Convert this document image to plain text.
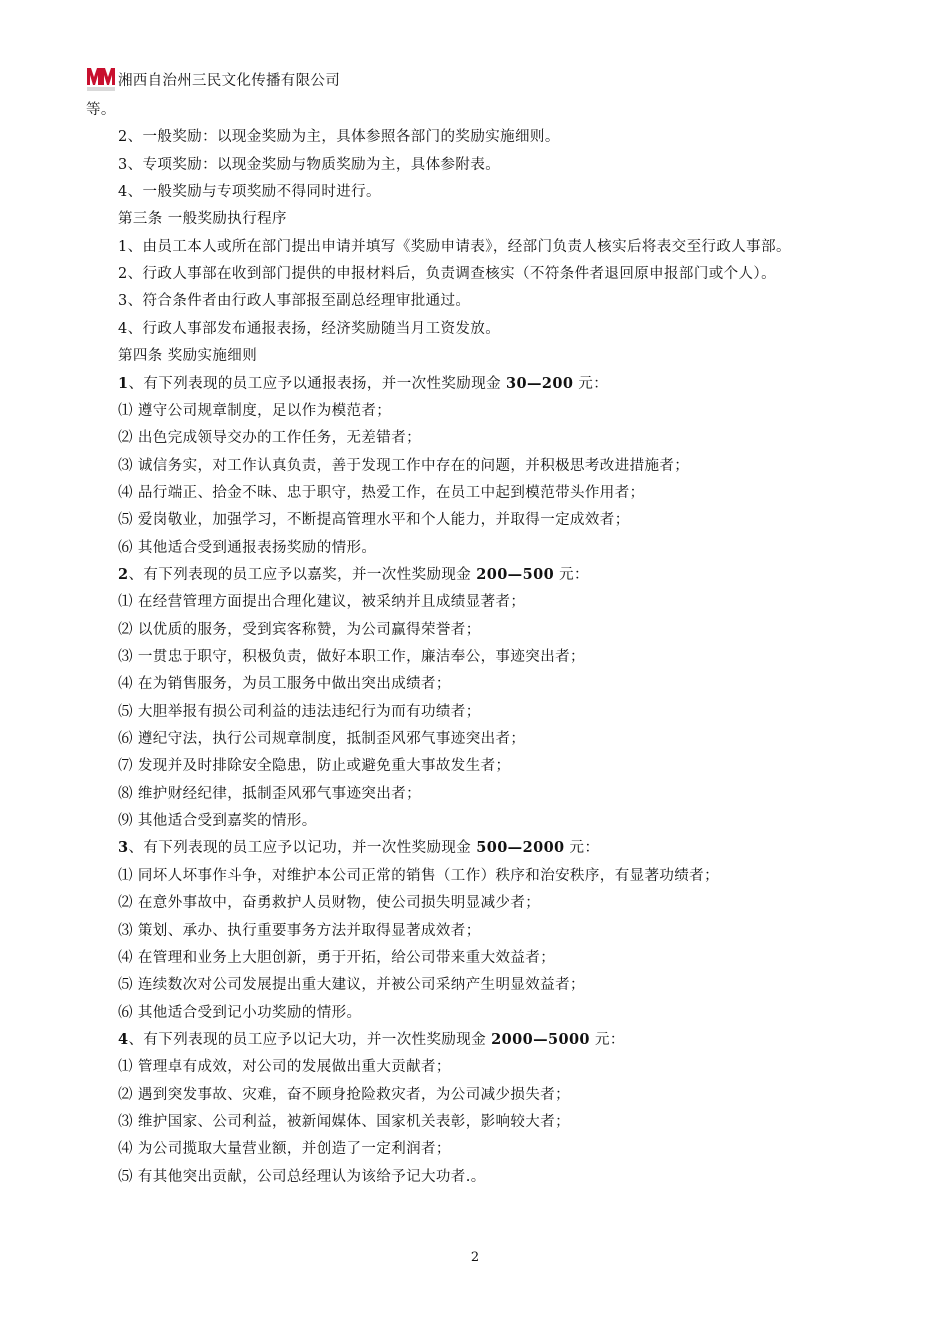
湘西自治州三民文化传播有限公司
等。
2、一般奖励：以现金奖励为主，具体参照各部门的奖励实施细则。
3、专项奖励：以现金奖励与物质奖励为主，具体参附表。
4、一般奖励与专项奖励不得同时进行。
第三条 一般奖励执行程序
1、由员工本人或所在部门提出申请并填写《奖励申请表》，经部门负责人核实后将表交至行政人事部。
2、行政人事部在收到部门提供的申报材料后，负责调查核实（不符条件者退回原申报部门或个人）。
3、符合条件者由行政人事部报至副总经理审批通过。
4、行政人事部发布通报表扬，经济奖励随当月工资发放。
第四条 奖励实施细则
1、有下列表现的员工应予以通报表扬，并一次性奖励现金 30—200 元：
⑴ 遵守公司规章制度，足以作为模范者；
⑵ 出色完成领导交办的工作任务，无差错者；
⑶ 诚信务实，对工作认真负责，善于发现工作中存在的问题，并积极思考改进措施者；
⑷ 品行端正、拾金不昧、忠于职守，热爱工作，在员工中起到模范带头作用者；
⑸ 爱岗敬业，加强学习，不断提高管理水平和个人能力，并取得一定成效者；
⑹ 其他适合受到通报表扬奖励的情形。
2、有下列表现的员工应予以嘉奖，并一次性奖励现金 200—500 元：
⑴ 在经营管理方面提出合理化建议，被采纳并且成绩显著者；
⑵ 以优质的服务，受到宾客称赞，为公司赢得荣誉者；
⑶ 一贯忠于职守，积极负责，做好本职工作，廉洁奉公，事迹突出者；
⑷ 在为销售服务，为员工服务中做出突出成绩者；
⑸ 大胆举报有损公司利益的违法违纪行为而有功绩者；
⑹ 遵纪守法，执行公司规章制度，抵制歪风邪气事迹突出者；
⑺ 发现并及时排除安全隐患，防止或避免重大事故发生者；
⑻ 维护财经纪律，抵制歪风邪气事迹突出者；
⑼ 其他适合受到嘉奖的情形。
3、有下列表现的员工应予以记功，并一次性奖励现金 500—2000 元：
⑴ 同坏人坏事作斗争，对维护本公司正常的销售（工作）秩序和治安秩序，有显著功绩者；
⑵ 在意外事故中，奋勇救护人员财物，使公司损失明显减少者；
⑶ 策划、承办、执行重要事务方法并取得显著成效者；
⑷ 在管理和业务上大胆创新，勇于开拓，给公司带来重大效益者；
⑸ 连续数次对公司发展提出重大建议，并被公司采纳产生明显效益者；
⑹ 其他适合受到记小功奖励的情形。
4、有下列表现的员工应予以记大功，并一次性奖励现金 2000—5000 元：
⑴ 管理卓有成效，对公司的发展做出重大贡献者；
⑵ 遇到突发事故、灾难，奋不顾身抢险救灾者，为公司减少损失者；
⑶ 维护国家、公司利益，被新闻媒体、国家机关表彰，影响较大者；
⑷ 为公司揽取大量营业额，并创造了一定利润者；
⑸ 有其他突出贡献，公司总经理认为该给予记大功者.。
2
